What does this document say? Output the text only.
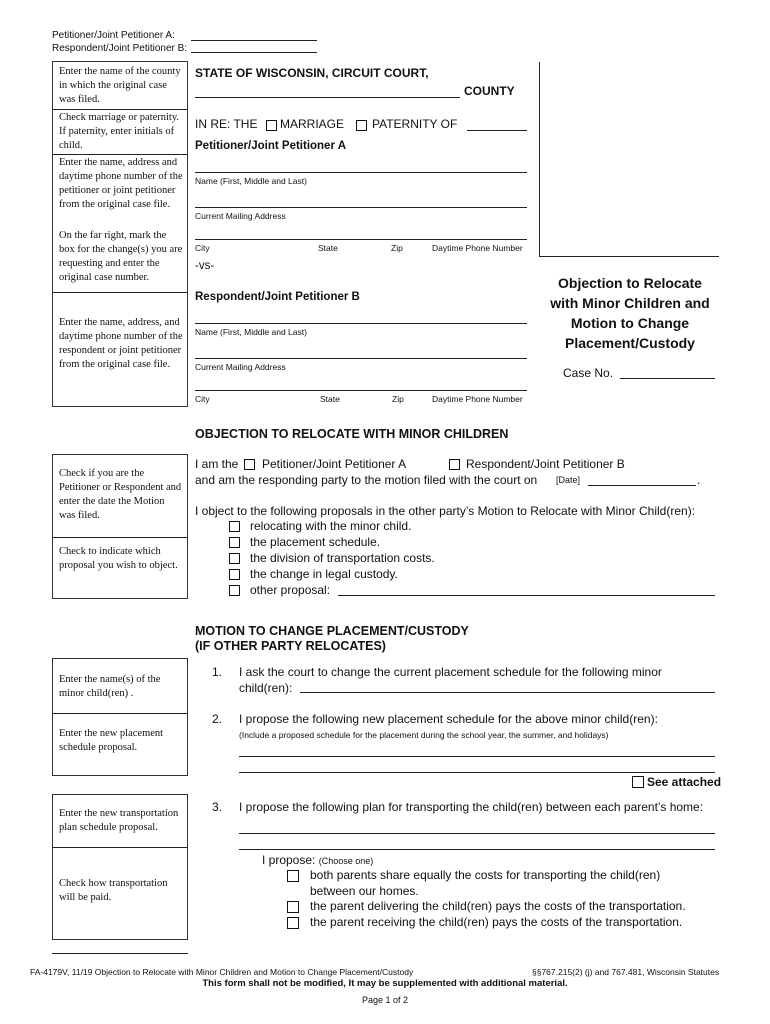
Petitioner/Joint Petitioner A:
Respondent/Joint Petitioner B:
Enter the name of the county in which the original case was filed.
Check marriage or paternity. If paternity, enter initials of child.
Enter the name, address and daytime phone number of the petitioner or joint petitioner from the original case file.
On the far right, mark the box for the change(s) you are requesting and enter the original case number.
Enter the name, address, and daytime phone number of the respondent or joint petitioner from the original case file.
Check if you are the Petitioner or Respondent and enter the date the Motion was filed.
Check to indicate which proposal you wish to object.
Enter the name(s) of the minor child(ren) .
Enter the new placement schedule proposal.
Enter the new transportation plan schedule proposal.
Check how transportation will be paid.
STATE OF WISCONSIN, CIRCUIT COURT,
COUNTY
IN RE: THE MARRIAGE PATERNITY OF
Petitioner/Joint Petitioner A
Name (First, Middle and Last)
Current Mailing Address
City	State	Zip	Daytime Phone Number
-vs-
Respondent/Joint Petitioner B
Name (First, Middle and Last)
Current Mailing Address
City	State	Zip	Daytime Phone Number
Objection to Relocate
with Minor Children and
Motion to Change
Placement/Custody
Case No.
OBJECTION TO RELOCATE WITH MINOR CHILDREN
I am the Petitioner/Joint Petitioner A	Respondent/Joint Petitioner B
and am the responding party to the motion filed with the court on [Date]	.
I object to the following proposals in the other party’s Motion to Relocate with Minor Child(ren):
relocating with the minor child.
the placement schedule.
the division of transportation costs.
the change in legal custody.
other proposal:
MOTION TO CHANGE PLACEMENT/CUSTODY
(IF OTHER PARTY RELOCATES)
1. I ask the court to change the current placement schedule for the following minor
child(ren):
2. I propose the following new placement schedule for the above minor child(ren):
(Include a proposed schedule for the placement during the school year, the summer, and holidays)
See attached
3. I propose the following plan for transporting the child(ren) between each parent’s home:
I propose: (Choose one)
both parents share equally the costs for transporting the child(ren)
between our homes.
the parent delivering the child(ren) pays the costs of the transportation.
the parent receiving the child(ren) pays the costs of the transportation.
FA-4179V, 11/19 Objection to Relocate with Minor Children and Motion to Change Placement/Custody	§§767.215(2) (j) and 767.481, Wisconsin Statutes
This form shall not be modified, It may be supplemented with additional material.
Page 1 of 2
